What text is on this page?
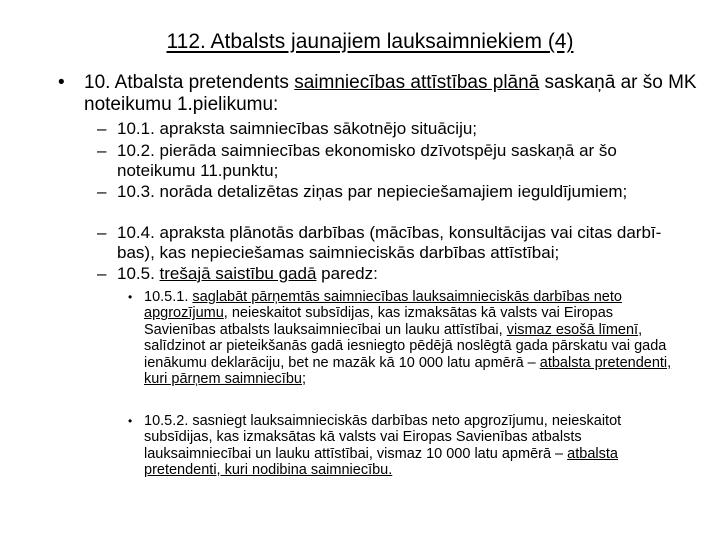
112. Atbalsts jaunajiem lauksaimniekiem (4)
• 10. Atbalsta pretendents saimniecības attīstības plānā saskaņā ar šo MK noteikumu 1.pielikumu:
– 10.1. apraksta saimniecības sākotnējo situāciju;
– 10.2. pierāda saimniecības ekonomisko dzīvotspēju saskaņā ar šo noteikumu 11.punktu;
– 10.3. norāda detalizētas ziņas par nepieciešamajiem ieguldījumiem;
– 10.4. apraksta plānotās darbības (mācības, konsultācijas vai citas darbī-bas), kas nepieciešamas saimnieciskās darbības attīstībai;
– 10.5. trešajā saistību gadā paredz:
• 10.5.1. saglabāt pārņemtās saimniecības lauksaimnieciskās darbības neto apgrozījumu, neieskaitot subsīdijas, kas izmaksātas kā valsts vai Eiropas Savienības atbalsts lauksaimniecībai un lauku attīstībai, vismaz esošā līmenī, salīdzinot ar pieteikšanās gadā iesniegto pēdējā noslēgtā gada pārskatu vai gada ienākumu deklarāciju, bet ne mazāk kā 10 000 latu apmērā – atbalsta pretendenti, kuri pārņem saimniecību;
• 10.5.2. sasniegt lauksaimnieciskās darbības neto apgrozījumu, neieskaitot subsīdijas, kas izmaksātas kā valsts vai Eiropas Savienības atbalsts lauksaimniecībai un lauku attīstībai, vismaz 10 000 latu apmērā – atbalsta pretendenti, kuri nodibina saimniecību.
